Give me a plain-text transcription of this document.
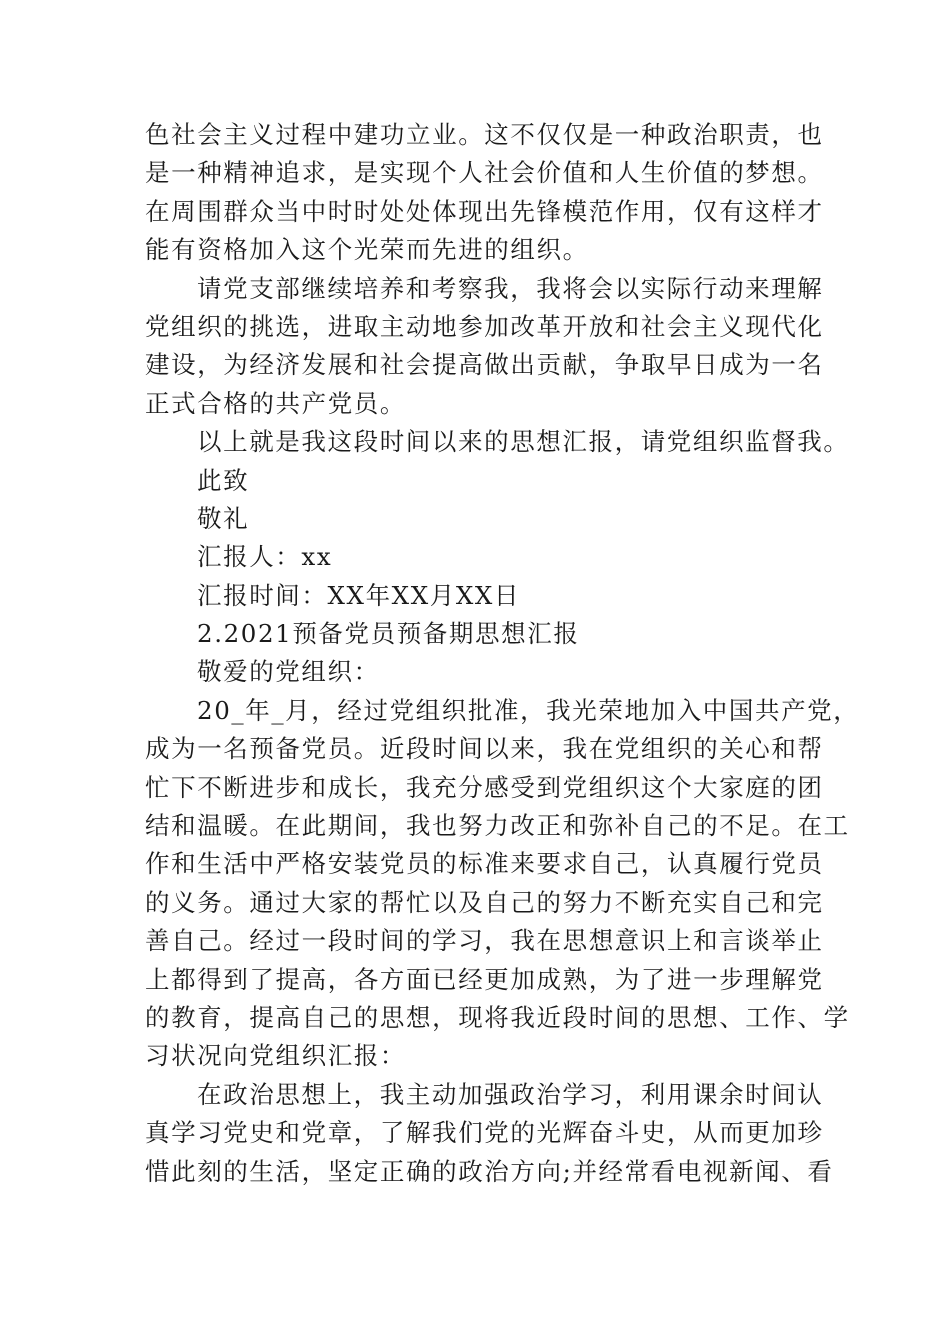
色社会主义过程中建功立业。这不仅仅是一种政治职责，也
是一种精神追求，是实现个人社会价值和人生价值的梦想。
在周围群众当中时时处处体现出先锋模范作用，仅有这样才
能有资格加入这个光荣而先进的组织。
请党支部继续培养和考察我，我将会以实际行动来理解
党组织的挑选，进取主动地参加改革开放和社会主义现代化
建设，为经济发展和社会提高做出贡献，争取早日成为一名
正式合格的共产党员。
以上就是我这段时间以来的思想汇报，请党组织监督我。
此致
敬礼
汇报人：xx
汇报时间：XX年XX月XX日
2.2021预备党员预备期思想汇报
敬爱的党组织：
20_年_月，经过党组织批准，我光荣地加入中国共产党，
成为一名预备党员。近段时间以来，我在党组织的关心和帮
忙下不断进步和成长，我充分感受到党组织这个大家庭的团
结和温暖。在此期间，我也努力改正和弥补自己的不足。在工
作和生活中严格安装党员的标准来要求自己，认真履行党员
的义务。通过大家的帮忙以及自己的努力不断充实自己和完
善自己。经过一段时间的学习，我在思想意识上和言谈举止
上都得到了提高，各方面已经更加成熟，为了进一步理解党
的教育，提高自己的思想，现将我近段时间的思想、工作、学
习状况向党组织汇报：
在政治思想上，我主动加强政治学习，利用课余时间认
真学习党史和党章，了解我们党的光辉奋斗史，从而更加珍
惜此刻的生活，坚定正确的政治方向;并经常看电视新闻、看
